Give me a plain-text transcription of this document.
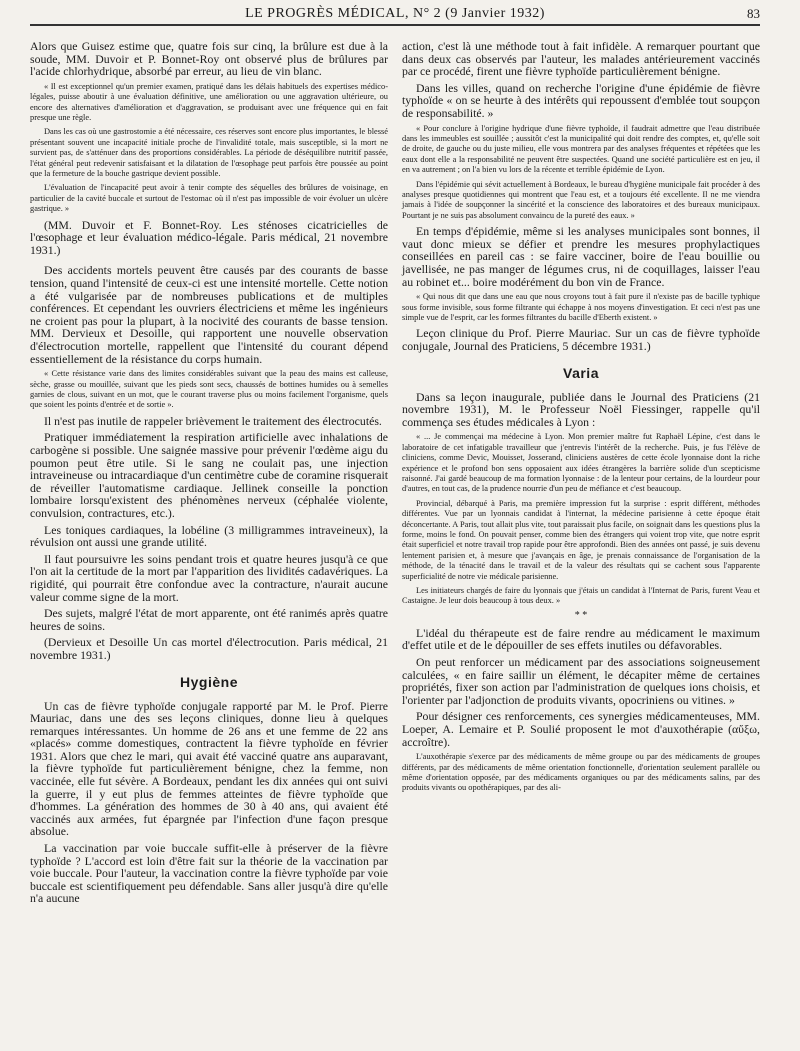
LE PROGRÈS MÉDICAL, N° 2 (9 Janvier 1932)	83

Alors que Guisez estime que, quatre fois sur cinq, la brûlure est due à la soude, MM. Duvoir et P. Bonnet-Roy ont observé plus de brûlures par l'acide chlorhydrique, absorbé par erreur, au lieu de vin blanc.

« Il est exceptionnel qu'un premier examen, pratiqué dans les délais habituels des expertises médico-légales, puisse aboutir à une évaluation définitive, une amélioration ou une aggravation ultérieure, ou encore des alternatives d'amélioration et d'aggravation, se produisant avec une fréquence qui en fait presque une règle.

Dans les cas où une gastrostomie a été nécessaire, ces réserves sont encore plus importantes, le blessé présentant souvent une incapacité initiale proche de l'invalidité totale, mais susceptible, si la mort ne survient pas, de s'atténuer dans des proportions considérables. La période de déséquilibre nutritif passée, l'état général peut redevenir satisfaisant et la dilatation de l'œsophage peut parfois être poussée au point que la fermeture de la bouche gastrique devient possible.

L'évaluation de l'incapacité peut avoir à tenir compte des séquelles des brûlures de voisinage, en particulier de la cavité buccale et surtout de l'estomac où il n'est pas impossible de voir évoluer un ulcère gastrique. »

(MM. Duvoir et F. Bonnet-Roy. Les sténoses cicatricielles de l'œsophage et leur évaluation médico-légale. Paris médical, 21 novembre 1931.)

Des accidents mortels peuvent être causés par des courants de basse tension, quand l'intensité de ceux-ci est une intensité mortelle. Cette notion a été vulgarisée par de nombreuses publications et de multiples conférences. Et cependant les ouvriers électriciens et même les ingénieurs ne croient pas pour la plupart, à la nocivité des courants de basse tension. MM. Dervieux et Desoille, qui rapportent une nouvelle observation d'électrocution mortelle, rappellent que l'intensité du courant dépend essentiellement de la résistance du corps humain.

« Cette résistance varie dans des limites considérables suivant que la peau des mains est calleuse, sèche, grasse ou mouillée, suivant que les pieds sont secs, chaussés de bottines humides ou à semelles garnies de clous, suivant en un mot, que le courant traverse plus ou moins facilement l'organisme, quels que soient les points d'entrée et de sortie ».

Il n'est pas inutile de rappeler brièvement le traitement des électrocutés.

Pratiquer immédiatement la respiration artificielle avec inhalations de carbogène si possible. Une saignée massive pour prévenir l'œdème aigu du poumon peut être utile. Si le sang ne coulait pas, une injection intraveineuse ou intracardiaque d'un centimètre cube de coramine risquerait de réveiller l'automatisme cardiaque. Jellinek conseille la ponction lombaire lorsqu'existent des phénomènes nerveux (céphalée violente, convulsion, contractures, etc.).

Les toniques cardiaques, la lobéline (3 milligrammes intraveineux), la révulsion ont aussi une grande utilité.

Il faut poursuivre les soins pendant trois et quatre heures jusqu'à ce que l'on ait la certitude de la mort par l'apparition des lividités cadavériques. La rigidité, qui pourrait être confondue avec la contracture, n'aurait aucune valeur comme signe de la mort.

Des sujets, malgré l'état de mort apparente, ont été ranimés après quatre heures de soins.

(Dervieux et Desoille Un cas mortel d'électrocution. Paris médical, 21 novembre 1931.)

Hygiène

Un cas de fièvre typhoïde conjugale rapporté par M. le Prof. Pierre Mauriac, dans une des ses leçons cliniques, donne lieu à quelques remarques intéressantes. Un homme de 26 ans et une femme de 22 ans «placés» comme domestiques, contractent la fièvre typhoïde en février 1931. Alors que chez le mari, qui avait été vacciné quatre ans auparavant, la fièvre typhoïde fut particulièrement bénigne, chez la femme, non vaccinée, elle fut sévère. A Bordeaux, pendant les dix années qui ont suivi la guerre, il y eut plus de femmes atteintes de fièvre typhoïde que d'hommes. La génération des hommes de 30 à 40 ans, qui avaient été vaccinés aux armées, fut épargnée par l'infection d'une façon presque absolue.

La vaccination par voie buccale suffit-elle à préserver de la fièvre typhoïde ? L'accord est loin d'être fait sur la théorie de la vaccination par voie buccale. Pour l'auteur, la vaccination contre la fièvre typhoïde par voie buccale est scientifiquement peu défendable. Sans aller jusqu'à dire qu'elle n'a aucune

action, c'est là une méthode tout à fait infidèle. A remarquer pourtant que dans deux cas observés par l'auteur, les malades antérieurement vaccinés par ce procédé, firent une fièvre typhoïde particulièrement bénigne.

Dans les villes, quand on recherche l'origine d'une épidémie de fièvre typhoïde « on se heurte à des intérêts qui repoussent d'emblée tout soupçon de responsabilité. »

« Pour conclure à l'origine hydrique d'une fièvre typhoïde, il faudrait admettre que l'eau distribuée dans les immeubles est souillée ; aussitôt c'est la municipalité qui doit rendre des comptes, et, qu'elle soit de droite, de gauche ou du juste milieu, elle vous montrera par des analyses fréquentes et répétées que les eaux dont elle a la responsabilité ne peuvent être suspectées. Quand une société particulière est en jeu, il en va autrement ; on l'a bien vu lors de la récente et terrible épidémie de Lyon.

Dans l'épidémie qui sévit actuellement à Bordeaux, le bureau d'hygiène municipale fait procéder à des analyses presque quotidiennes qui montrent que l'eau est, et a toujours été excellente. Il ne me viendra jamais à l'idée de soupçonner la sincérité et la conscience des laboratoires et des bureaux municipaux. Pourtant je ne suis pas absolument convaincu de la pureté des eaux. »

En temps d'épidémie, même si les analyses municipales sont bonnes, il vaut donc mieux se défier et prendre les mesures prophylactiques conseillées en pareil cas : se faire vacciner, boire de l'eau bouillie ou javellisée, ne pas manger de légumes crus, ni de coquillages, laisser l'eau au robinet et... boire modérément du bon vin de France.

« Qui nous dit que dans une eau que nous croyons tout à fait pure il n'existe pas de bacille typhique sous forme invisible, sous forme filtrante qui échappe à nos moyens d'investigation. Et ceci n'est pas une simple vue de l'esprit, car les formes filtrantes du bacille d'Eberth existent. »

Leçon clinique du Prof. Pierre Mauriac. Sur un cas de fièvre typhoïde conjugale, Journal des Praticiens, 5 décembre 1931.)

Varia

Dans sa leçon inaugurale, publiée dans le Journal des Praticiens (21 novembre 1931), M. le Professeur Noël Fiessinger, rappelle qu'il commença ses études médicales à Lyon :

« ... Je commençai ma médecine à Lyon. Mon premier maître fut Raphaël Lépine, c'est dans le laboratoire de cet infatigable travailleur que j'entrevis l'intérêt de la recherche. Puis, je fus l'élève de cliniciens, comme Devic, Mouisset, Josserand, cliniciens austères de cette école lyonnaise dont la riche expérience et le profond bon sens opposaient aux idées étrangères la barrière solide d'un scepticisme raisonné. J'ai gardé beaucoup de ma formation lyonnaise : de la lenteur pour certains, de la lourdeur pour d'autres, en tout cas, de la prudence nourrie d'un peu de méfiance et c'est beaucoup.

Provincial, débarqué à Paris, ma première impression fut la surprise : esprit différent, méthodes différentes. Vue par un lyonnais candidat à l'internat, la médecine parisienne à cette époque était déconcertante. A Paris, tout allait plus vite, tout paraissait plus facile, on soignait dans les questions plus la forme, moins le fond. On pouvait penser, comme bien des étrangers qui voient trop vite, que notre esprit était superficiel et notre travail trop rapide pour être approfondi. Bien des années ont passé, je suis devenu lentement parisien et, à mesure que j'avançais en âge, je prenais connaissance de l'organisation de la méthode, de la ténacité dans le travail et de la valeur des résultats qui se cachent sous l'apparente superficialité de notre vie médicale parisienne.

Les initiateurs chargés de faire du lyonnais que j'étais un candidat à l'Internat de Paris, furent Veau et Castaigne. Je leur dois beaucoup à tous deux. »

* *

L'idéal du thérapeute est de faire rendre au médicament le maximum d'effet utile et de le dépouiller de ses effets inutiles ou défavorables.

On peut renforcer un médicament par des associations soigneusement calculées, « en faire saillir un élément, le décapiter même de certaines propriétés, fixer son action par l'administration de quelques ions choisis, et l'orienter par l'adjonction de produits vivants, opocriniens ou vitines. »

Pour désigner ces renforcements, ces synergies médicamenteuses, MM. Loeper, A. Lemaire et P. Soulié proposent le mot d'auxothérapie (αὔξω, accroître).

L'auxothérapie s'exerce par des médicaments de même groupe ou par des médicaments de groupes différents, par des médicaments de même orientation fonctionnelle, d'orientation seulement parallèle ou même d'orientation opposée, par des médicaments organiques ou par des médicaments salins, par des produits vivants ou opothérapiques, par des ali-
